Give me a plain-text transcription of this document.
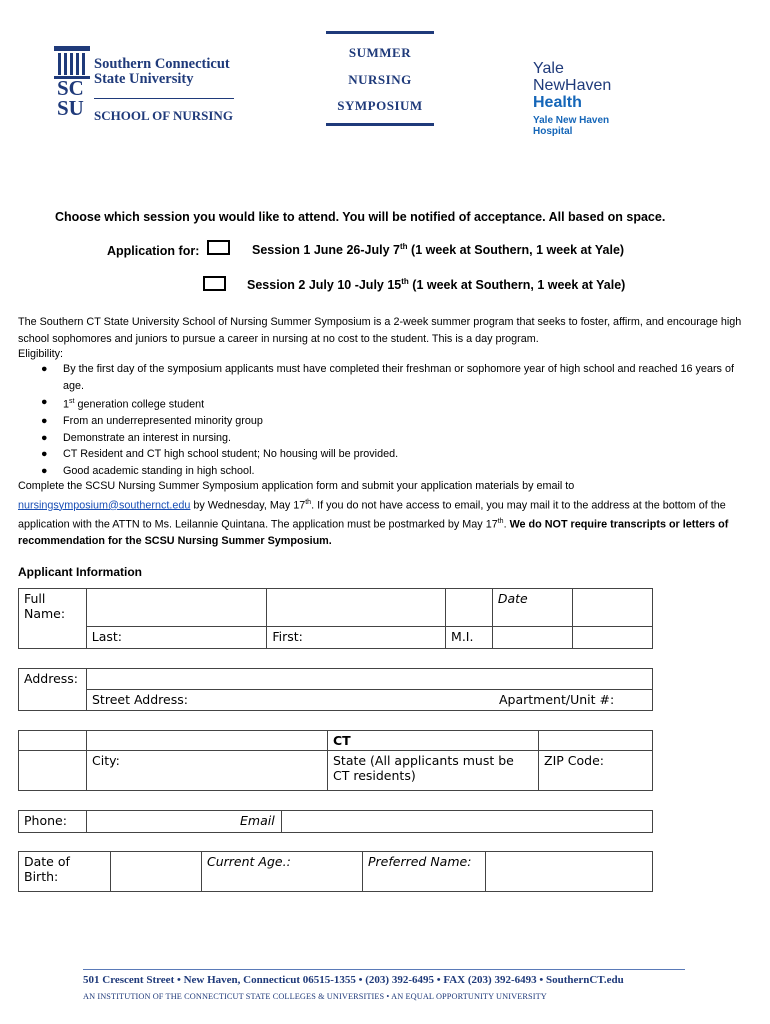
SC
SU
Southern Connecticut
State University
SCHOOL OF NURSING
SUMMER
NURSING
SYMPOSIUM
Yale
NewHaven
Health
Yale New Haven
Hospital
Choose which session you would like to attend. You will be notified of acceptance. All based on space.
Application for:	Session 1 June 26-July 7th (1 week at Southern, 1 week at Yale)
Session 2 July 10 -July 15th (1 week at Southern, 1 week at Yale)
The Southern CT State University School of Nursing Summer Symposium is a 2-week summer program that seeks to foster, affirm, and encourage high school sophomores and juniors to pursue a career in nursing at no cost to the student. This is a day program.
Eligibility:
● By the first day of the symposium applicants must have completed their freshman or sophomore year of high school and reached 16 years of age.
● 1st generation college student
● From an underrepresented minority group
● Demonstrate an interest in nursing.
● CT Resident and CT high school student; No housing will be provided.
● Good academic standing in high school.
Complete the SCSU Nursing Summer Symposium application form and submit your application materials by email to
nursingsymposium@southernct.edu by Wednesday, May 17th. If you do not have access to email, you may mail it to the address at the bottom of the application with the ATTN to Ms. Leilannie Quintana. The application must be postmarked by May 17th. We do NOT require transcripts or letters of recommendation for the SCSU Nursing Summer Symposium.
Applicant Information
Full Name:				Date	
	Last:	First:	M.I.		
Address:		
	Street Address:	Apartment/Unit #:
		CT	
	City:	State (All applicants must be CT residents)	ZIP Code:
Phone:		Email	
Date of Birth:		Current Age.:	Preferred Name:	
501 Crescent Street • New Haven, Connecticut 06515-1355 • (203) 392-6495 • FAX (203) 392-6493 • SouthernCT.edu
AN INSTITUTION OF THE CONNECTICUT STATE COLLEGES & UNIVERSITIES • AN EQUAL OPPORTUNITY UNIVERSITY
